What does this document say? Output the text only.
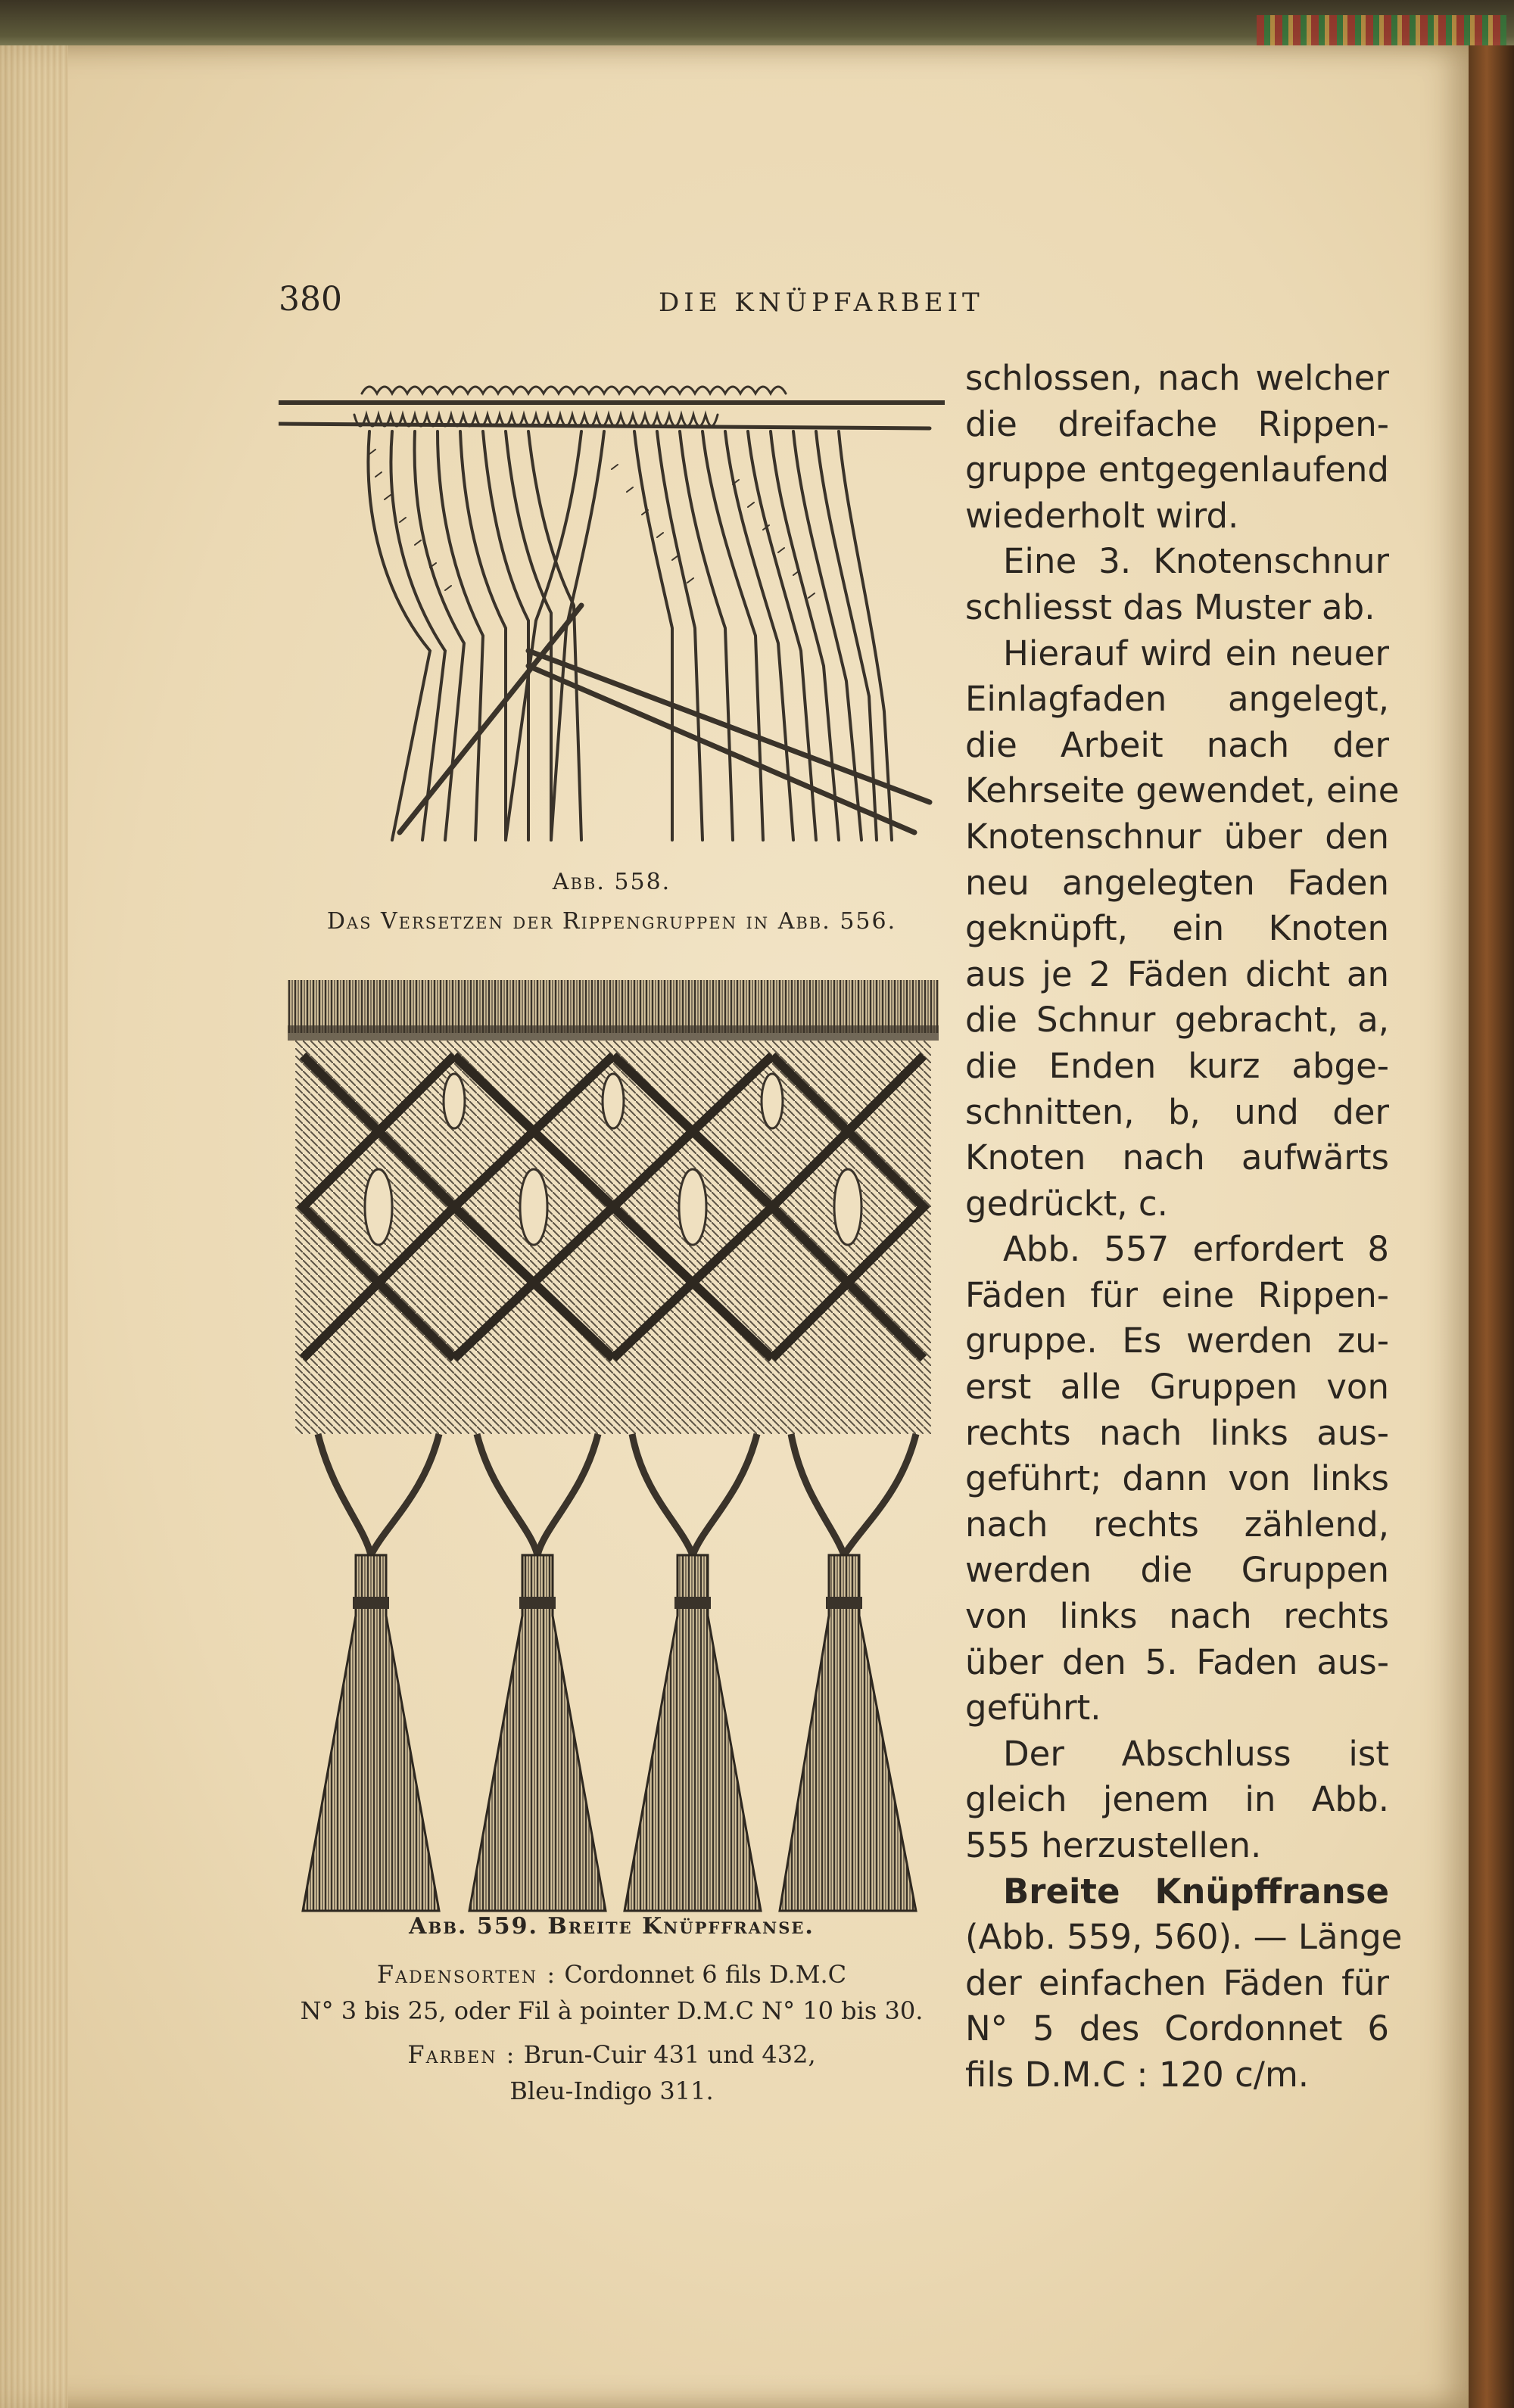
380	DIE KNÜPFARBEIT
Abb. 558.
Das Versetzen der Rippengruppen in Abb. 556.
Abb. 559. Breite Knüpffranse.
Fadensorten : Cordonnet 6 fils D.M.C
N° 3 bis 25, oder Fil à pointer D.M.C N° 10 bis 30.
Farben : Brun-Cuir 431 und 432,
Bleu-Indigo 311.
schlossen, nach welcher
die dreifache Rippen-
gruppe entgegenlaufend
wiederholt wird.
Eine 3. Knotenschnur
schliesst das Muster ab.
Hierauf wird ein neuer
Einlagfaden angelegt,
die Arbeit nach der
Kehrseite gewendet, eine
Knotenschnur über den
neu angelegten Faden
geknüpft, ein Knoten
aus je 2 Fäden dicht an
die Schnur gebracht, a,
die Enden kurz abge-
schnitten, b, und der
Knoten nach aufwärts
gedrückt, c.
Abb. 557 erfordert 8
Fäden für eine Rippen-
gruppe. Es werden zu-
erst alle Gruppen von
rechts nach links aus-
geführt; dann von links
nach rechts zählend,
werden die Gruppen
von links nach rechts
über den 5. Faden aus-
geführt.
Der Abschluss ist
gleich jenem in Abb.
555 herzustellen.
Breite Knüpffranse
(Abb. 559, 560). — Länge
der einfachen Fäden für
N° 5 des Cordonnet 6
fils D.M.C : 120 c/m.
